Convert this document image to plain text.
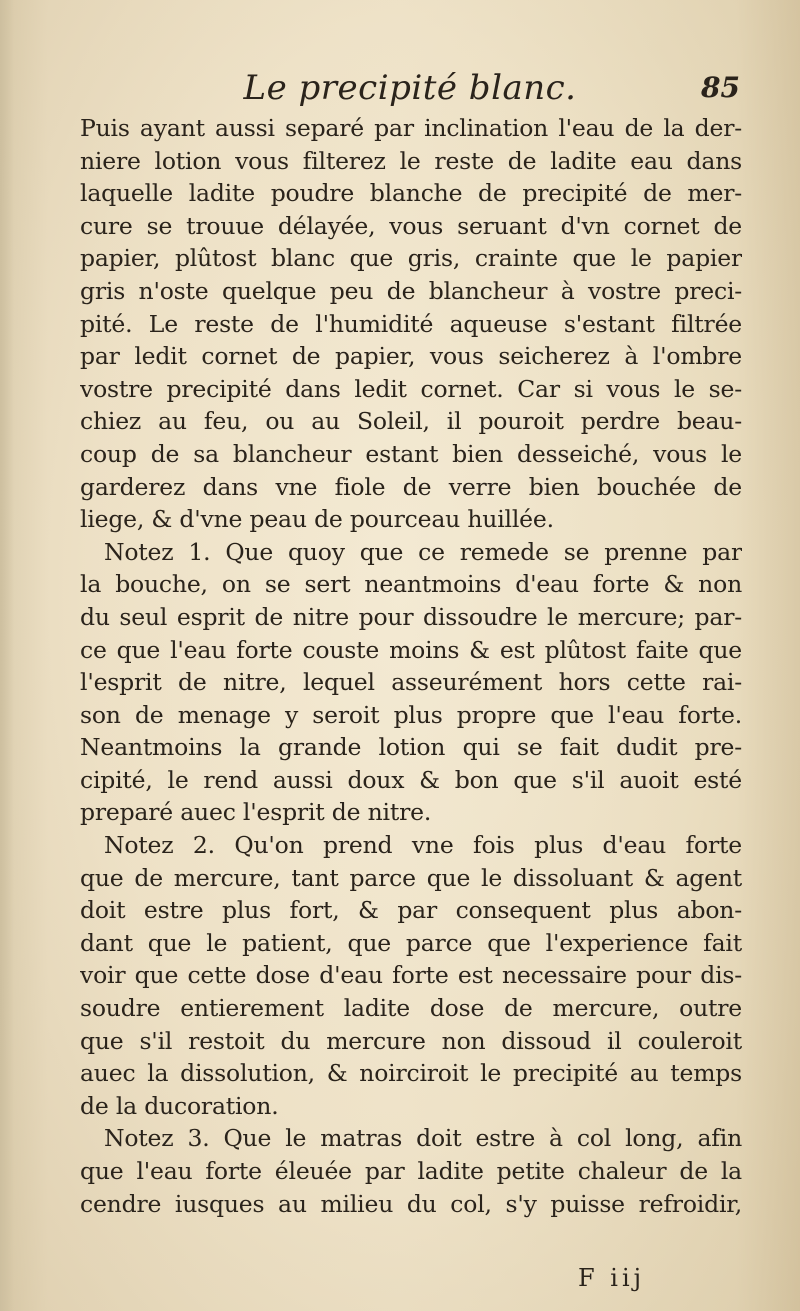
Le precipité blanc.	85
Puis ayant aussi separé par inclination l'eau de la der-
niere lotion vous filterez le reste de ladite eau dans
laquelle ladite poudre blanche de precipité de mer-
cure se trouue délayée, vous seruant d'vn cornet de
papier, plûtost blanc que gris, crainte que le papier
gris n'oste quelque peu de blancheur à vostre preci-
pité. Le reste de l'humidité aqueuse s'estant filtrée
par ledit cornet de papier, vous seicherez à l'ombre
vostre precipité dans ledit cornet. Car si vous le se-
chiez au feu, ou au Soleil, il pouroit perdre beau-
coup de sa blancheur estant bien desseiché, vous le
garderez dans vne fiole de verre bien bouchée de
liege, & d'vne peau de pourceau huillée.
Notez 1. Que quoy que ce remede se prenne par
la bouche, on se sert neantmoins d'eau forte & non
du seul esprit de nitre pour dissoudre le mercure; par-
ce que l'eau forte couste moins & est plûtost faite que
l'esprit de nitre, lequel asseurément hors cette rai-
son de menage y seroit plus propre que l'eau forte.
Neantmoins la grande lotion qui se fait dudit pre-
cipité, le rend aussi doux & bon que s'il auoit esté
preparé auec l'esprit de nitre.
Notez 2. Qu'on prend vne fois plus d'eau forte
que de mercure, tant parce que le dissoluant & agent
doit estre plus fort, & par consequent plus abon-
dant que le patient, que parce que l'experience fait
voir que cette dose d'eau forte est necessaire pour dis-
soudre entierement ladite dose de mercure, outre
que s'il restoit du mercure non dissoud il couleroit
auec la dissolution, & noirciroit le precipité au temps
de la ducoration.
Notez 3. Que le matras doit estre à col long, afin
que l'eau forte éleuée par ladite petite chaleur de la
cendre iusques au milieu du col, s'y puisse refroidir,
F iij
